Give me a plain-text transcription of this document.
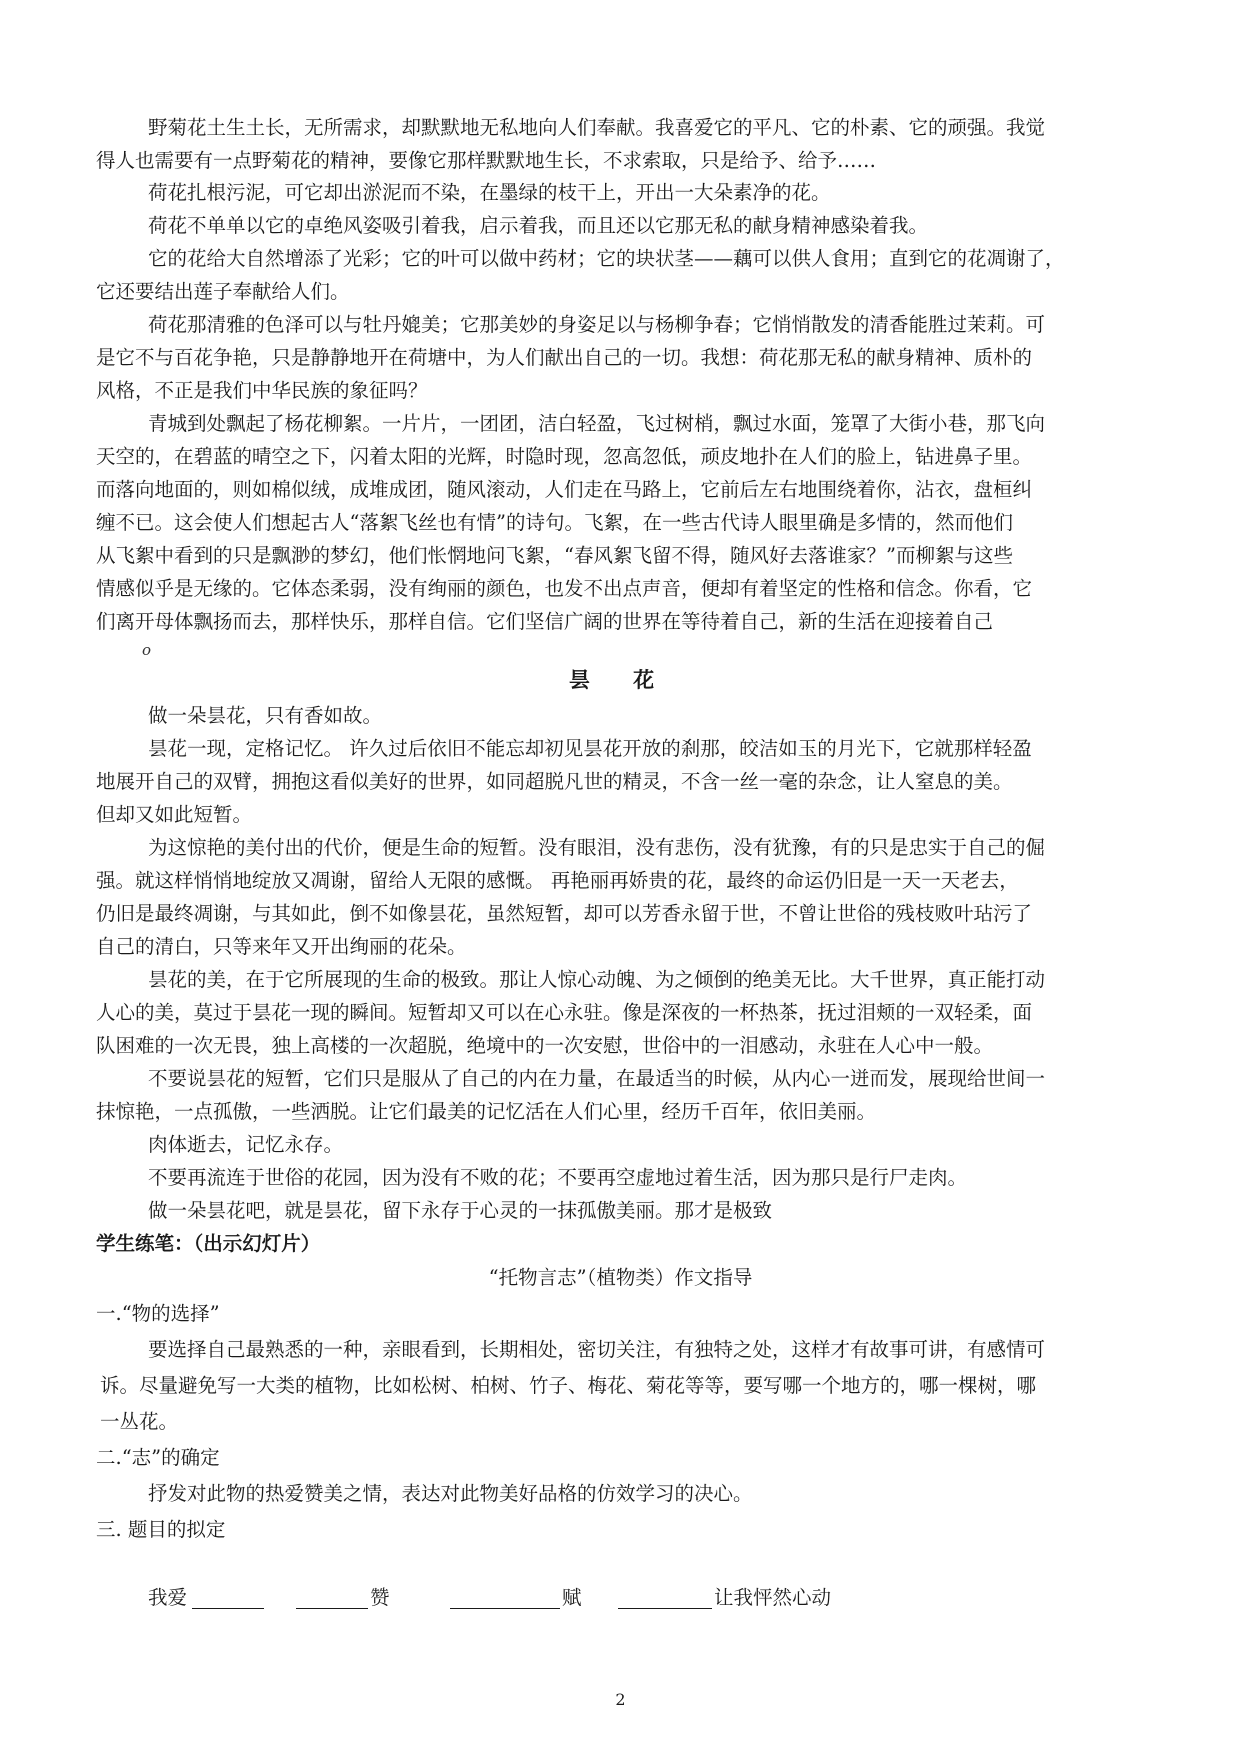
野菊花土生土长，无所需求，却默默地无私地向人们奉献。我喜爱它的平凡、它的朴素、它的顽强。我觉
得人也需要有一点野菊花的精神，要像它那样默默地生长，不求索取，只是给予、给予……
荷花扎根污泥，可它却出淤泥而不染，在墨绿的枝干上，开出一大朵素净的花。
荷花不单单以它的卓绝风姿吸引着我，启示着我，而且还以它那无私的献身精神感染着我。
它的花给大自然增添了光彩；它的叶可以做中药材；它的块状茎——藕可以供人食用；直到它的花凋谢了，
它还要结出莲子奉献给人们。
荷花那清雅的色泽可以与牡丹媲美；它那美妙的身姿足以与杨柳争春；它悄悄散发的清香能胜过茉莉。可
是它不与百花争艳，只是静静地开在荷塘中，为人们献出自己的一切。我想：荷花那无私的献身精神、质朴的
风格，不正是我们中华民族的象征吗？
青城到处飘起了杨花柳絮。一片片，一团团，洁白轻盈，飞过树梢，飘过水面，笼罩了大街小巷，那飞向
天空的，在碧蓝的晴空之下，闪着太阳的光辉，时隐时现，忽高忽低，顽皮地扑在人们的脸上，钻进鼻子里。
而落向地面的，则如棉似绒，成堆成团，随风滚动，人们走在马路上，它前后左右地围绕着你，沾衣，盘桓纠
缠不已。这会使人们想起古人“落絮飞丝也有情”的诗句。飞絮，在一些古代诗人眼里确是多情的，然而他们
从飞絮中看到的只是飘渺的梦幻，他们怅惘地问飞絮，“春风絮飞留不得，随风好去落谁家？”而柳絮与这些
情感似乎是无缘的。它体态柔弱，没有绚丽的颜色，也发不出点声音，便却有着坚定的性格和信念。你看，它
们离开母体飘扬而去，那样快乐，那样自信。它们坚信广阔的世界在等待着自己，新的生活在迎接着自己
o
昙 花
做一朵昙花，只有香如故。
昙花一现，定格记忆。 许久过后依旧不能忘却初见昙花开放的刹那，皎洁如玉的月光下，它就那样轻盈
地展开自己的双臂，拥抱这看似美好的世界，如同超脱凡世的精灵，不含一丝一毫的杂念，让人窒息的美。
但却又如此短暂。
为这惊艳的美付出的代价，便是生命的短暂。没有眼泪，没有悲伤，没有犹豫，有的只是忠实于自己的倔
强。就这样悄悄地绽放又凋谢，留给人无限的感慨。 再艳丽再娇贵的花，最终的命运仍旧是一天一天老去，
仍旧是最终凋谢，与其如此，倒不如像昙花，虽然短暂，却可以芳香永留于世，不曾让世俗的残枝败叶玷污了
自己的清白，只等来年又开出绚丽的花朵。
昙花的美，在于它所展现的生命的极致。那让人惊心动魄、为之倾倒的绝美无比。大千世界，真正能打动
人心的美，莫过于昙花一现的瞬间。短暂却又可以在心永驻。像是深夜的一杯热茶，抚过泪颊的一双轻柔，面
队困难的一次无畏，独上高楼的一次超脱，绝境中的一次安慰，世俗中的一泪感动，永驻在人心中一般。
不要说昙花的短暂，它们只是服从了自己的内在力量，在最适当的时候，从内心一迸而发，展现给世间一
抹惊艳，一点孤傲，一些洒脱。让它们最美的记忆活在人们心里，经历千百年，依旧美丽。
肉体逝去，记忆永存。
不要再流连于世俗的花园，因为没有不败的花；不要再空虚地过着生活，因为那只是行尸走肉。
做一朵昙花吧，就是昙花，留下永存于心灵的一抹孤傲美丽。那才是极致
学生练笔：（出示幻灯片）
“托物言志”（植物类）作文指导
一.“物的选择”
要选择自己最熟悉的一种，亲眼看到，长期相处，密切关注，有独特之处，这样才有故事可讲，有感情可
诉。尽量避免写一大类的植物，比如松树、柏树、竹子、梅花、菊花等等，要写哪一个地方的，哪一棵树，哪
一丛花。
二.“志”的确定
抒发对此物的热爱赞美之情，表达对此物美好品格的仿效学习的决心。
三. 题目的拟定
我爱	赞	赋	让我怦然心动
2
